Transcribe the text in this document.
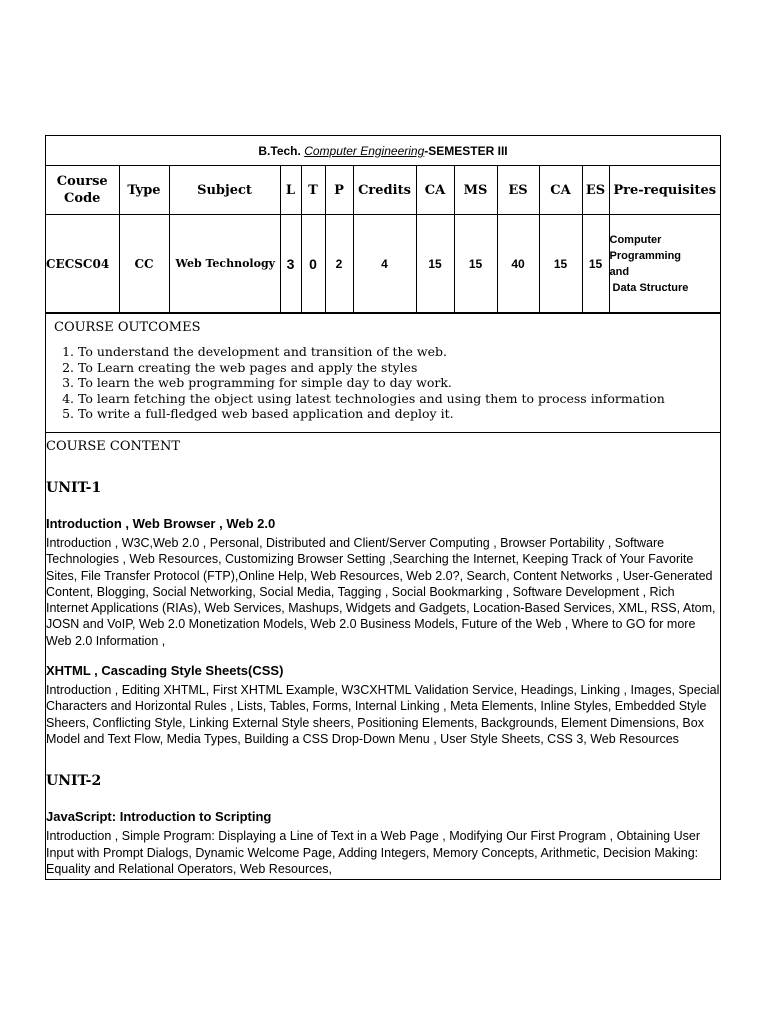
B.Tech. Computer Engineering-SEMESTER III												
Course Code	Type	Subject	L	T	P	Credits	CA	MS	ES	CA	ES	Pre-requisites
CECSC04	CC	Web Technology	3	0	2	4	15	15	40	15	15	Computer
Programming
and
Data Structure
COURSE OUTCOMES
1. To understand the development and transition of the web.
2. To Learn creating the web pages and apply the styles
3. To learn the web programming for simple day to day work.
4. To learn fetching the object using latest technologies and using them to process information
5. To write a full-fledged web based application and deploy it.
COURSE CONTENT
UNIT-1
Introduction , Web Browser , Web 2.0
Introduction , W3C,Web 2.0 , Personal, Distributed and Client/Server Computing , Browser Portability , Software Technologies , Web Resources, Customizing Browser Setting ,Searching the Internet, Keeping Track of Your Favorite Sites, File Transfer Protocol (FTP),Online Help, Web Resources, Web 2.0?, Search, Content Networks , User-Generated Content, Blogging, Social Networking, Social Media, Tagging , Social Bookmarking , Software Development , Rich Internet Applications (RIAs), Web Services, Mashups, Widgets and Gadgets, Location-Based Services, XML, RSS, Atom, JOSN and VoIP, Web 2.0 Monetization Models, Web 2.0 Business Models, Future of the Web , Where to GO for more Web 2.0 Information ,
XHTML , Cascading Style Sheets(CSS)
Introduction , Editing XHTML, First XHTML Example, W3CXHTML Validation Service, Headings, Linking , Images, Special Characters and Horizontal Rules , Lists, Tables, Forms, Internal Linking , Meta Elements, Inline Styles, Embedded Style Sheers, Conflicting Style, Linking External Style sheers, Positioning Elements, Backgrounds, Element Dimensions, Box Model and Text Flow, Media Types, Building a CSS Drop-Down Menu , User Style Sheets, CSS 3, Web Resources
UNIT-2
JavaScript: Introduction to Scripting
Introduction , Simple Program: Displaying a Line of Text in a Web Page , Modifying Our First Program , Obtaining User Input with Prompt Dialogs, Dynamic Welcome Page, Adding Integers, Memory Concepts, Arithmetic, Decision Making: Equality and Relational Operators, Web Resources,
